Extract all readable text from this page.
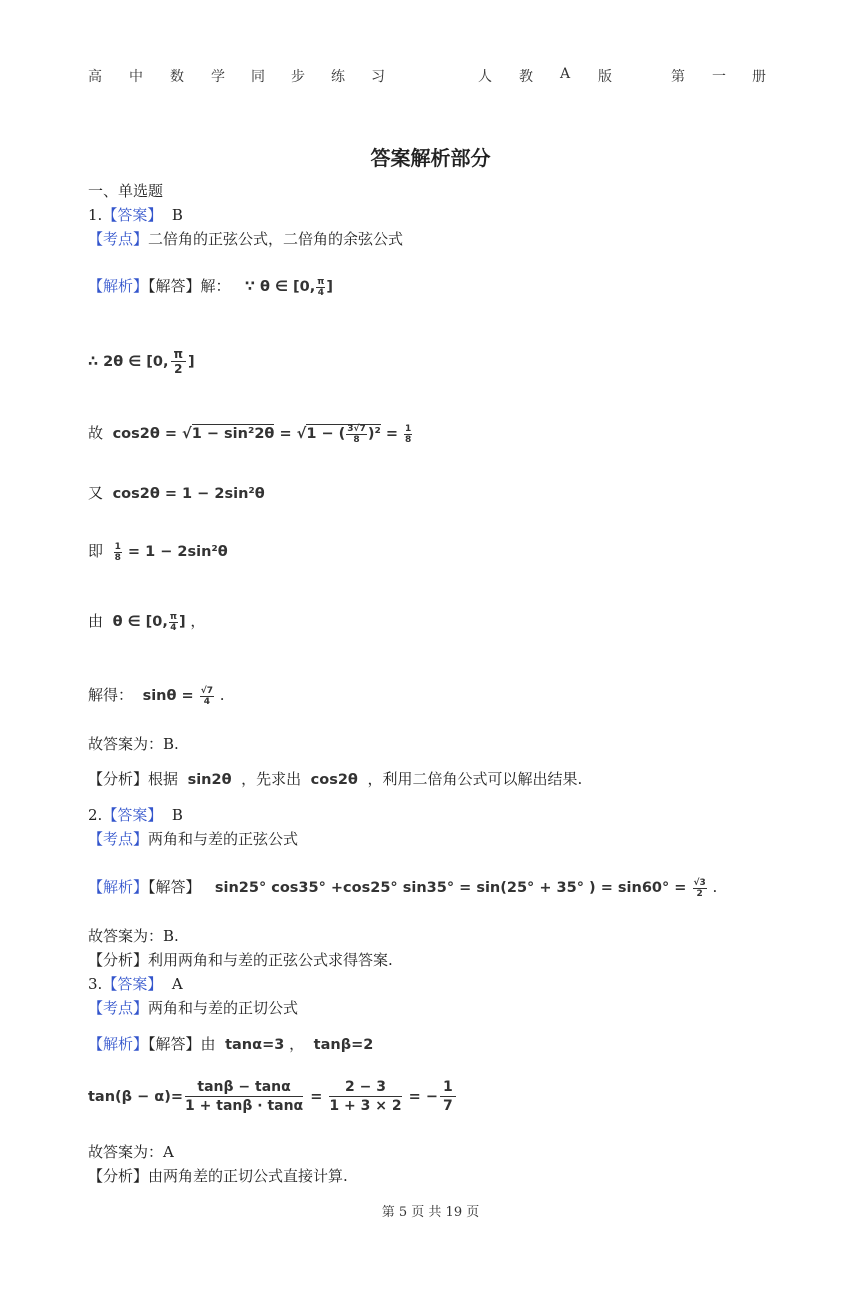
高 中 数 学 同 步 练 习	人 教 A 版	第 一 册
答案解析部分
一、单选题
1.【答案】 B
【考点】二倍角的正弦公式，二倍角的余弦公式
【解析】【解答】解： ∵ θ ∈ [0, $\frac{\pi}{4}$ ]
∴ 2θ ∈ [0, $\frac{\pi}{2}$ ]
故 cos2θ = √1 − sin²2θ = √1 − ( $\frac{3√7}{8} )^2 = \frac{1}{8}$
又 cos2θ = 1 − 2sin²θ
即 $\frac{1}{8} = 1 - 2\sin^2\theta$
由 θ ∈ [0, $\frac{\pi}{4}$ ] ，
解得： $\sin\theta = \frac{√7}{4}$ .
故答案为：B.
【分析】根据 sin2θ ，先求出 cos2θ ，利用二倍角公式可以解出结果.
2.【答案】 B
【考点】两角和与差的正弦公式
【解析】【解答】 sin25° cos35° +cos25° sin35° = sin(25° + 35° ) = $\sin 60^\circ = \frac{√3}{2}$ .
故答案为：B.
【分析】利用两角和与差的正弦公式求得答案.
3.【答案】 A
【考点】两角和与差的正切公式
【解析】【解答】由 tanα=3 ， tanβ=2
$\tan(\beta - \alpha)= \frac{\tan\beta - \tan\alpha}{1 + \tan\beta \cdot \tan\alpha} = \frac{2 - 3}{1 + 3 \times 2}$ = − $\frac{1}{7}$
故答案为：A
【分析】由两角差的正切公式直接计算.
第 5 页 共 19 页
